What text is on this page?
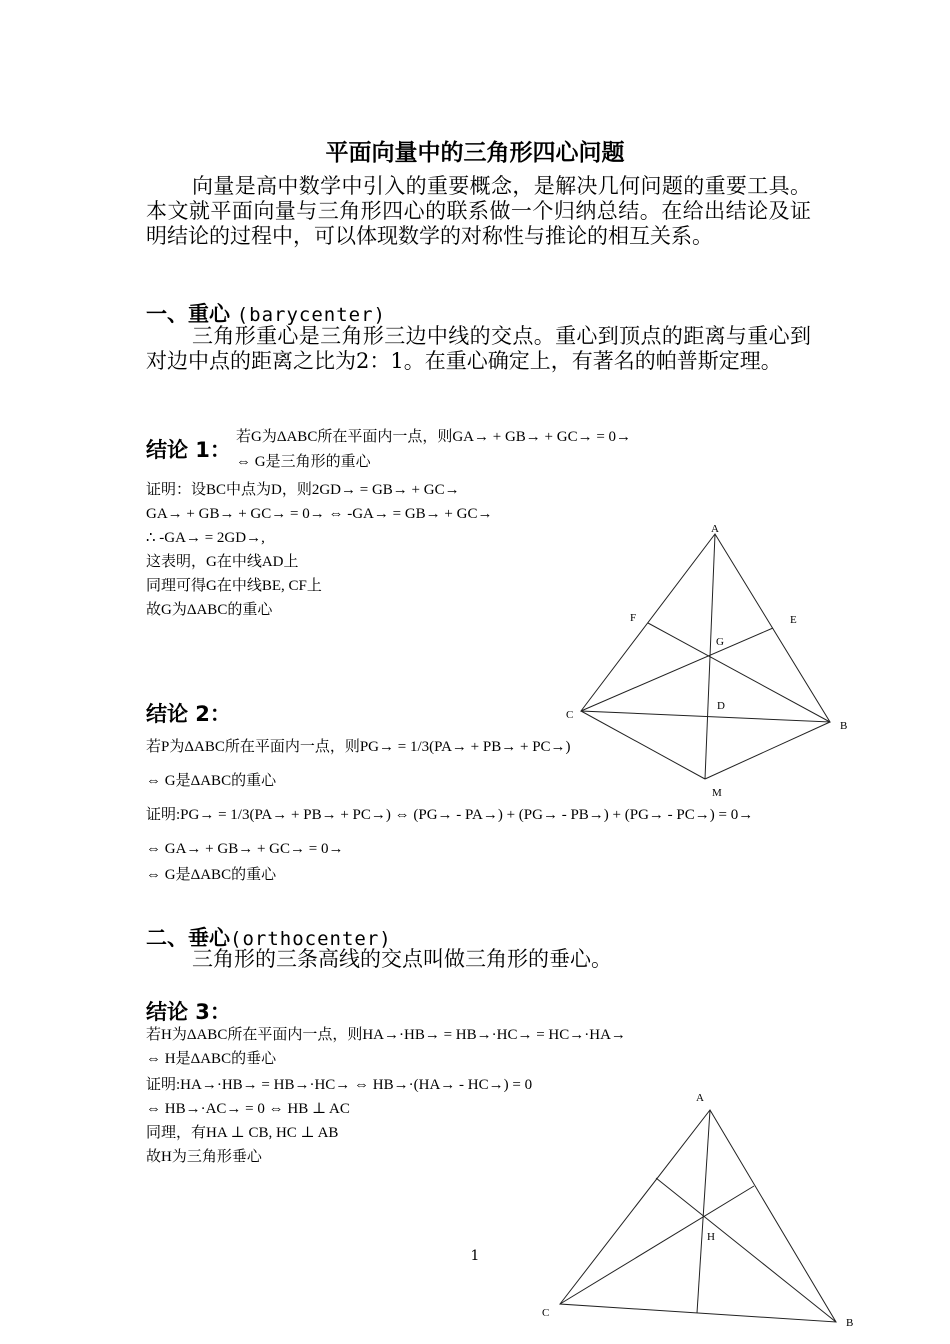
平面向量中的三角形四心问题
向量是高中数学中引入的重要概念，是解决几何问题的重要工具。本文就平面向量与三角形四心的联系做一个归纳总结。在给出结论及证明结论的过程中，可以体现数学的对称性与推论的相互关系。
一、重心 (barycenter)
三角形重心是三角形三边中线的交点。重心到顶点的距离与重心到对边中点的距离之比为2：1。在重心确定上，有著名的帕普斯定理。
结论 1：
若G为ΔABC所在平面内一点，则GA→ + GB→ + GC→ = 0→
⇔ G是三角形的重心
证明：设BC中点为D，则2GD→ = GB→ + GC→
GA→ + GB→ + GC→ = 0→ ⇔ -GA→ = GB→ + GC→
∴ -GA→ = 2GD→,
这表明，G在中线AD上
同理可得G在中线BE, CF上
故G为ΔABC的重心
A
B
C
D
E
F
G
M
结论 2：
若P为ΔABC所在平面内一点，则PG→ = 1/3(PA→ + PB→ + PC→)
⇔ G是ΔABC的重心
证明:PG→ = 1/3(PA→ + PB→ + PC→) ⇔ (PG→ - PA→) + (PG→ - PB→) + (PG→ - PC→) = 0→
⇔ GA→ + GB→ + GC→ = 0→
⇔ G是ΔABC的重心
二、垂心(orthocenter)
三角形的三条高线的交点叫做三角形的垂心。
结论 3：
若H为ΔABC所在平面内一点，则HA→·HB→ = HB→·HC→ = HC→·HA→
⇔ H是ΔABC的垂心
证明:HA→·HB→ = HB→·HC→ ⇔ HB→·(HA→ - HC→) = 0
⇔ HB→·AC→ = 0 ⇔ HB ⊥ AC
同理，有HA ⊥ CB, HC ⊥ AB
故H为三角形垂心
A
B
C
H
1
